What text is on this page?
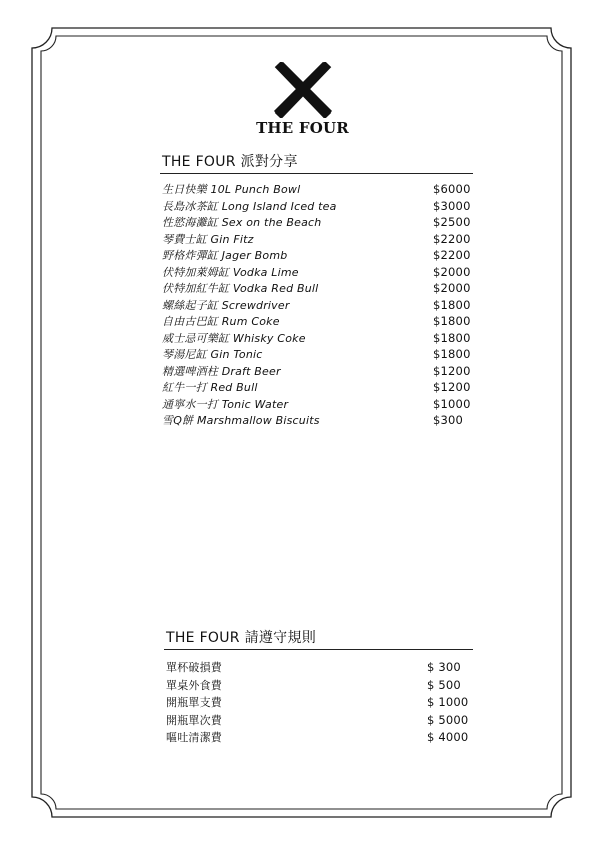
THE FOUR
THE FOUR 派對分享
生日快樂 10L Punch Bowl	$6000
長島冰茶缸 Long Island Iced tea	$3000
性慾海灘缸 Sex on the Beach	$2500
琴費士缸 Gin Fitz	$2200
野格炸彈缸 Jager Bomb	$2200
伏特加萊姆缸 Vodka Lime	$2000
伏特加紅牛缸 Vodka Red Bull	$2000
螺絲起子缸 Screwdriver	$1800
自由古巴缸 Rum Coke	$1800
威士忌可樂缸 Whisky Coke	$1800
琴湯尼缸 Gin Tonic	$1800
精選啤酒柱 Draft Beer	$1200
紅牛一打 Red Bull	$1200
通寧水一打 Tonic Water	$1000
雪Q餅 Marshmallow Biscuits	$300
THE FOUR 請遵守規則
單杯破損費	$ 300
單桌外食費	$ 500
開瓶單支費	$ 1000
開瓶單次費	$ 5000
嘔吐清潔費	$ 4000
